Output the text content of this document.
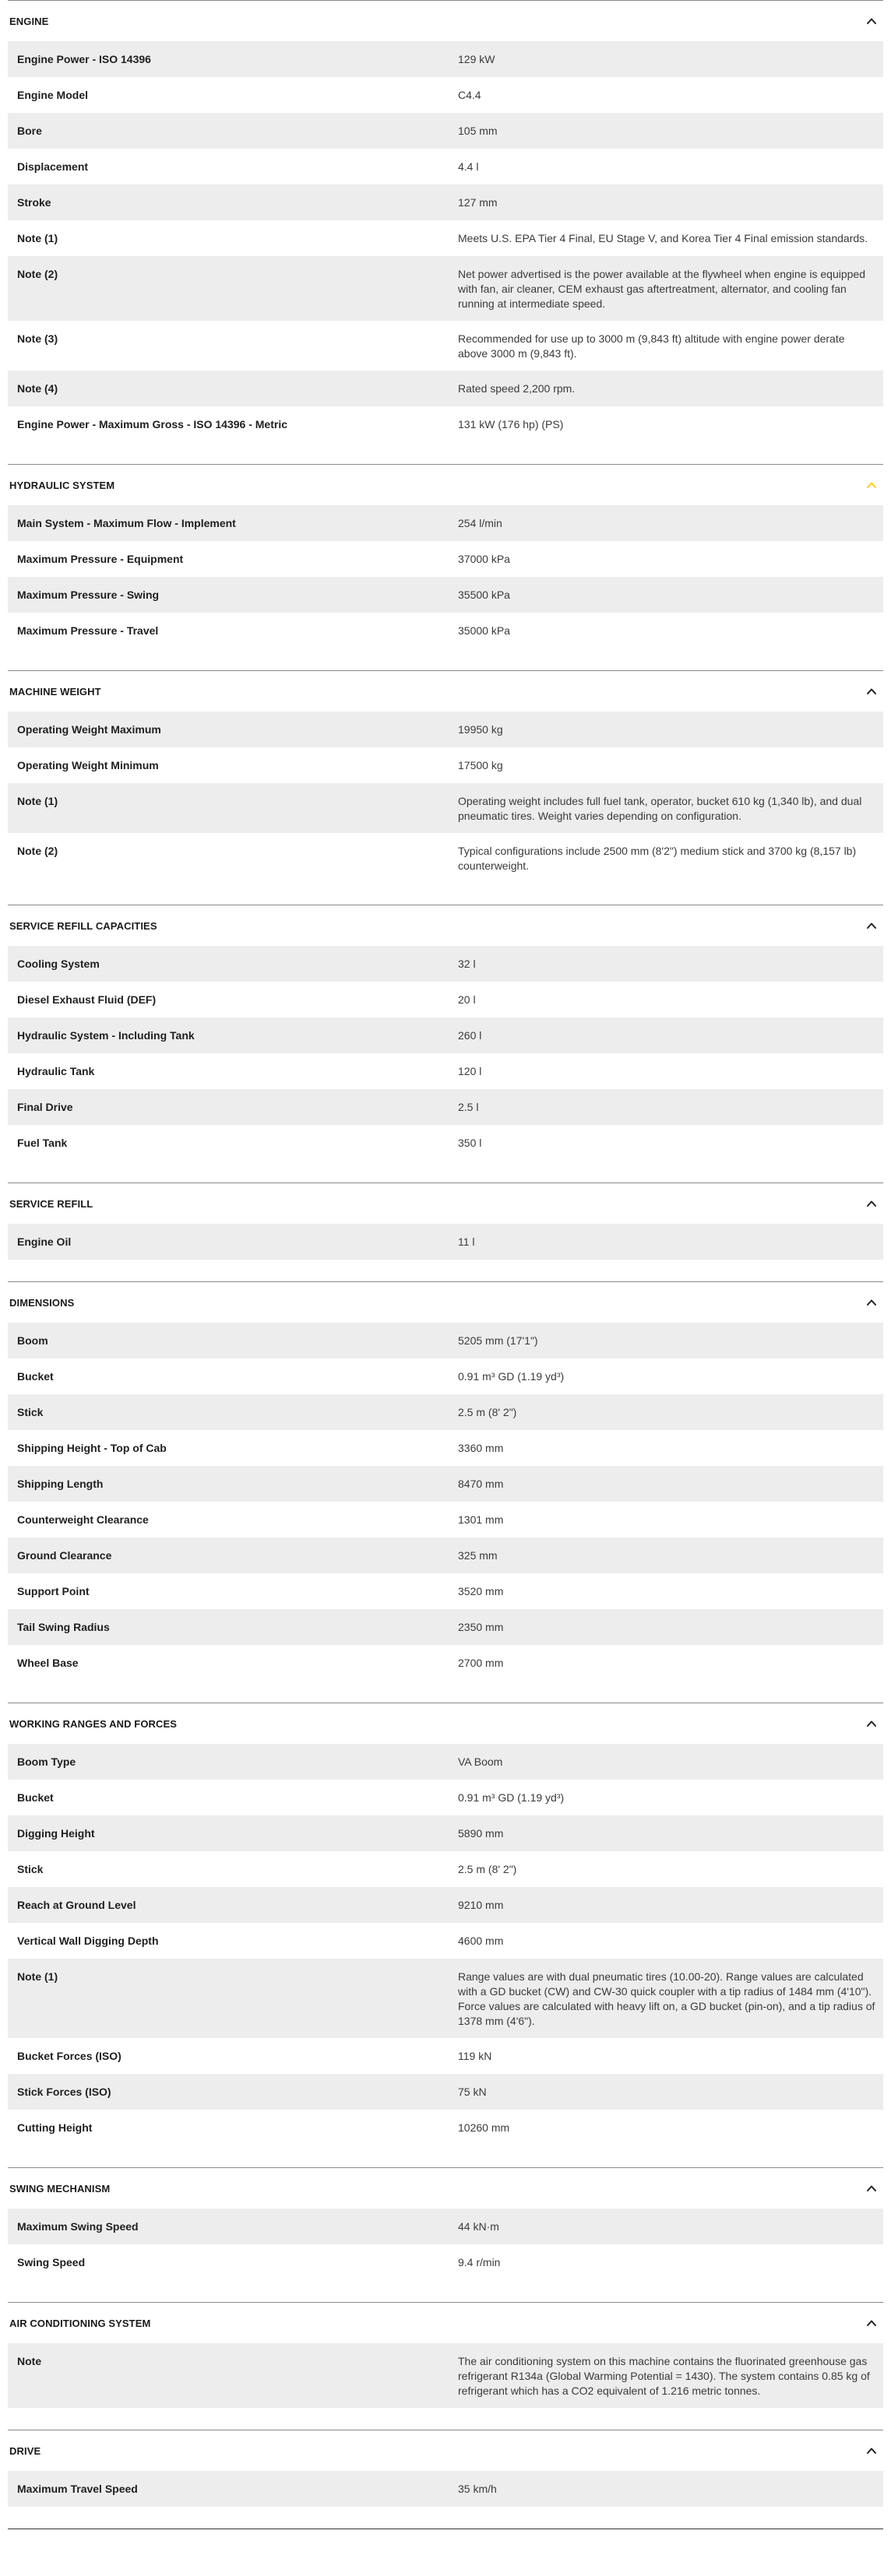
ENGINE
Engine Power - ISO 14396	129 kW
Engine Model	C4.4
Bore	105 mm
Displacement	4.4 l
Stroke	127 mm
Note (1)	Meets U.S. EPA Tier 4 Final, EU Stage V, and Korea Tier 4 Final emission standards.
Note (2)	Net power advertised is the power available at the flywheel when engine is equipped with fan, air cleaner, CEM exhaust gas aftertreatment, alternator, and cooling fan running at intermediate speed.
Note (3)	Recommended for use up to 3000 m (9,843 ft) altitude with engine power derate above 3000 m (9,843 ft).
Note (4)	Rated speed 2,200 rpm.
Engine Power - Maximum Gross - ISO 14396 - Metric	131 kW (176 hp) (PS)
HYDRAULIC SYSTEM
Main System - Maximum Flow - Implement	254 l/min
Maximum Pressure - Equipment	37000 kPa
Maximum Pressure - Swing	35500 kPa
Maximum Pressure - Travel	35000 kPa
MACHINE WEIGHT
Operating Weight Maximum	19950 kg
Operating Weight Minimum	17500 kg
Note (1)	Operating weight includes full fuel tank, operator, bucket 610 kg (1,340 lb), and dual pneumatic tires. Weight varies depending on configuration.
Note (2)	Typical configurations include 2500 mm (8'2") medium stick and 3700 kg (8,157 lb) counterweight.
SERVICE REFILL CAPACITIES
Cooling System	32 l
Diesel Exhaust Fluid (DEF)	20 l
Hydraulic System - Including Tank	260 l
Hydraulic Tank	120 l
Final Drive	2.5 l
Fuel Tank	350 l
SERVICE REFILL
Engine Oil	11 l
DIMENSIONS
Boom	5205 mm (17'1")
Bucket	0.91 m³ GD (1.19 yd³)
Stick	2.5 m (8' 2")
Shipping Height - Top of Cab	3360 mm
Shipping Length	8470 mm
Counterweight Clearance	1301 mm
Ground Clearance	325 mm
Support Point	3520 mm
Tail Swing Radius	2350 mm
Wheel Base	2700 mm
WORKING RANGES AND FORCES
Boom Type	VA Boom
Bucket	0.91 m³ GD (1.19 yd³)
Digging Height	5890 mm
Stick	2.5 m (8' 2")
Reach at Ground Level	9210 mm
Vertical Wall Digging Depth	4600 mm
Note (1)	Range values are with dual pneumatic tires (10.00-20). Range values are calculated with a GD bucket (CW) and CW-30 quick coupler with a tip radius of 1484 mm (4'10"). Force values are calculated with heavy lift on, a GD bucket (pin-on), and a tip radius of 1378 mm (4'6").
Bucket Forces (ISO)	119 kN
Stick Forces (ISO)	75 kN
Cutting Height	10260 mm
SWING MECHANISM
Maximum Swing Speed	44 kN·m
Swing Speed	9.4 r/min
AIR CONDITIONING SYSTEM
Note	The air conditioning system on this machine contains the fluorinated greenhouse gas refrigerant R134a (Global Warming Potential = 1430). The system contains 0.85 kg of refrigerant which has a CO2 equivalent of 1.216 metric tonnes.
DRIVE
Maximum Travel Speed	35 km/h
